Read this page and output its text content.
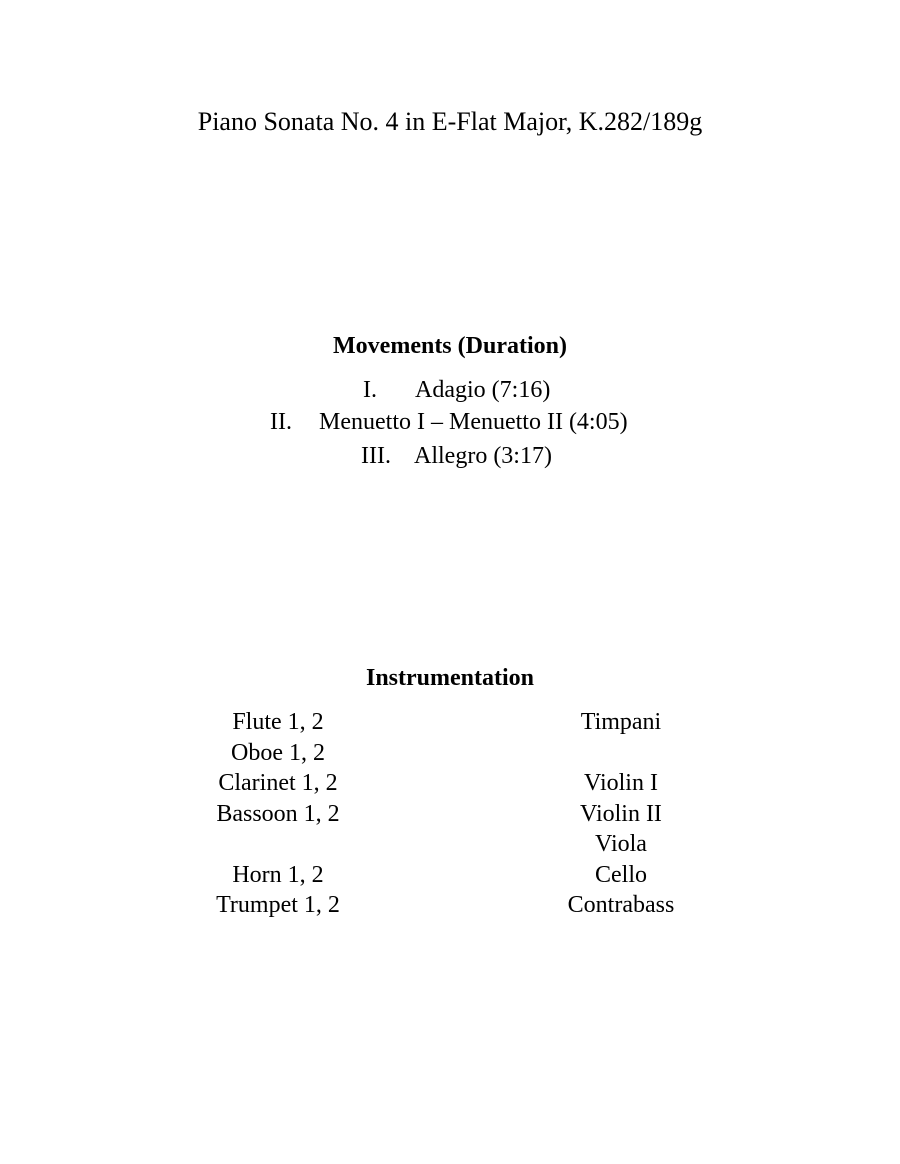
Piano Sonata No. 4 in E-Flat Major, K.282/189g
Movements (Duration)
I. Adagio (7:16)
II. Menuetto I – Menuetto II (4:05)
III. Allegro (3:17)
Instrumentation
Flute 1, 2
Oboe 1, 2
Clarinet 1, 2
Bassoon 1, 2
Horn 1, 2
Trumpet 1, 2
Timpani
Violin I
Violin II
Viola
Cello
Contrabass
